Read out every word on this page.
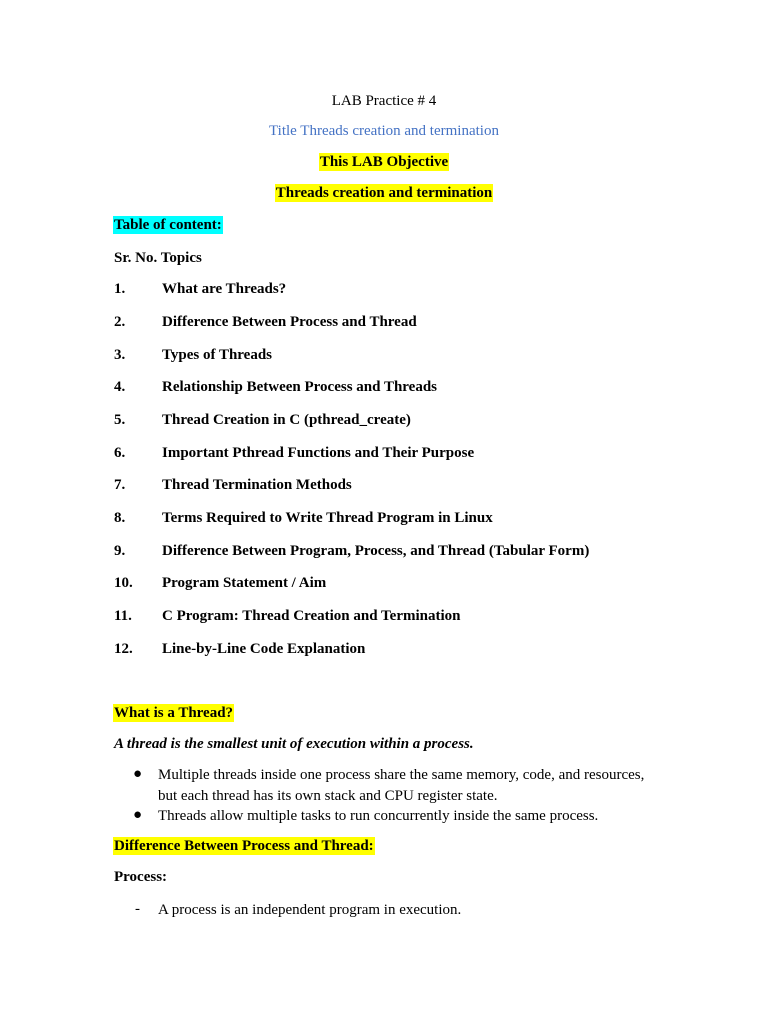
LAB Practice # 4
Title Threads creation and termination
This LAB Objective
Threads creation and termination
Table of content:
Sr. No. Topics
1. What are Threads?
2. Difference Between Process and Thread
3. Types of Threads
4. Relationship Between Process and Threads
5. Thread Creation in C (pthread_create)
6. Important Pthread Functions and Their Purpose
7. Thread Termination Methods
8. Terms Required to Write Thread Program in Linux
9. Difference Between Program, Process, and Thread (Tabular Form)
10. Program Statement / Aim
11. C Program: Thread Creation and Termination
12. Line-by-Line Code Explanation
What is a Thread?
A thread is the smallest unit of execution within a process.
● Multiple threads inside one process share the same memory, code, and resources, but each thread has its own stack and CPU register state.
● Threads allow multiple tasks to run concurrently inside the same process.
Difference Between Process and Thread:
Process:
- A process is an independent program in execution.
